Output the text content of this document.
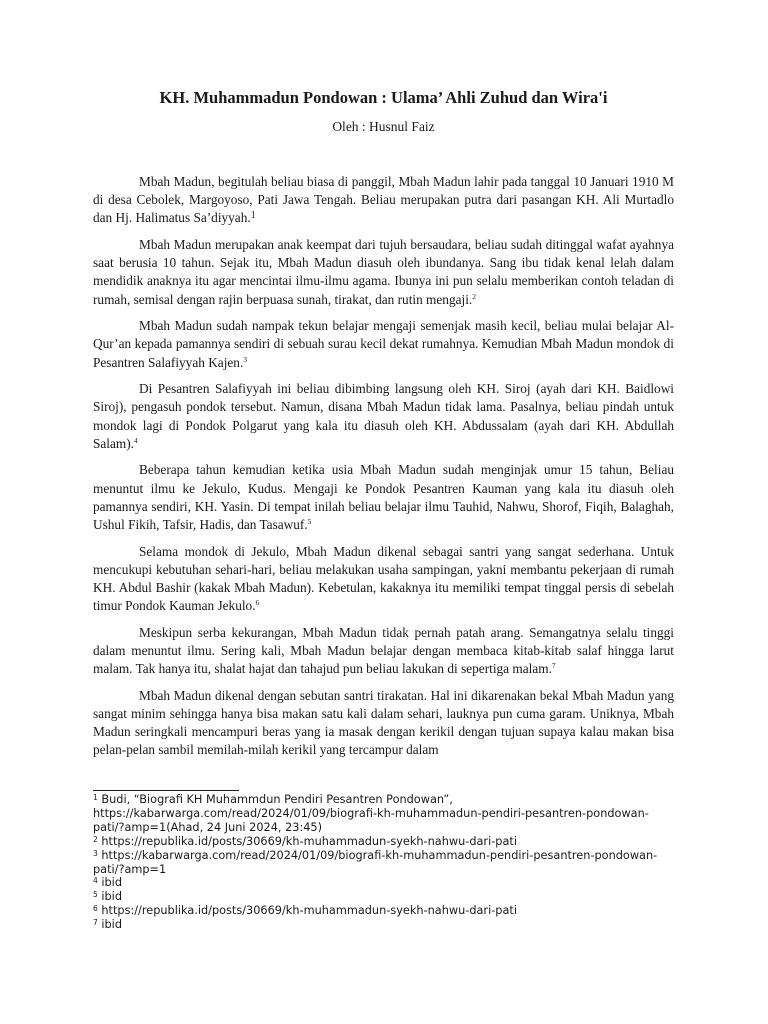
KH. Muhammadun Pondowan : Ulama’ Ahli Zuhud dan Wira'i

Oleh : Husnul Faiz

Mbah Madun, begitulah beliau biasa di panggil, Mbah Madun lahir pada tanggal 10 Januari 1910 M di desa Cebolek, Margoyoso, Pati Jawa Tengah. Beliau merupakan putra dari pasangan KH. Ali Murtadlo dan Hj. Halimatus Sa’diyyah.$^1$

Mbah Madun merupakan anak keempat dari tujuh bersaudara, beliau sudah ditinggal wafat ayahnya saat berusia 10 tahun. Sejak itu, Mbah Madun diasuh oleh ibundanya. Sang ibu tidak kenal lelah dalam mendidik anaknya itu agar mencintai ilmu-ilmu agama. Ibunya ini pun selalu memberikan contoh teladan di rumah, semisal dengan rajin berpuasa sunah, tirakat, dan rutin mengaji.$^2$

Mbah Madun sudah nampak tekun belajar mengaji semenjak masih kecil, beliau mulai belajar Al-Qur’an kepada pamannya sendiri di sebuah surau kecil dekat rumahnya. Kemudian Mbah Madun mondok di Pesantren Salafiyyah Kajen.$^3$

Di Pesantren Salafiyyah ini beliau dibimbing langsung oleh KH. Siroj (ayah dari KH. Baidlowi Siroj), pengasuh pondok tersebut. Namun, disana Mbah Madun tidak lama. Pasalnya, beliau pindah untuk mondok lagi di Pondok Polgarut yang kala itu diasuh oleh KH. Abdussalam (ayah dari KH. Abdullah Salam).$^4$

Beberapa tahun kemudian ketika usia Mbah Madun sudah menginjak umur 15 tahun, Beliau menuntut ilmu ke Jekulo, Kudus. Mengaji ke Pondok Pesantren Kauman yang kala itu diasuh oleh pamannya sendiri, KH. Yasin. Di tempat inilah beliau belajar ilmu Tauhid, Nahwu, Shorof, Fiqih, Balaghah, Ushul Fikih, Tafsir, Hadis, dan Tasawuf.$^5$

Selama mondok di Jekulo, Mbah Madun dikenal sebagai santri yang sangat sederhana. Untuk mencukupi kebutuhan sehari-hari, beliau melakukan usaha sampingan, yakni membantu pekerjaan di rumah KH. Abdul Bashir (kakak Mbah Madun). Kebetulan, kakaknya itu memiliki tempat tinggal persis di sebelah timur Pondok Kauman Jekulo.$^6$

Meskipun serba kekurangan, Mbah Madun tidak pernah patah arang. Semangatnya selalu tinggi dalam menuntut ilmu. Sering kali, Mbah Madun belajar dengan membaca kitab-kitab salaf hingga larut malam. Tak hanya itu, shalat hajat dan tahajud pun beliau lakukan di sepertiga malam.$^7$

Mbah Madun dikenal dengan sebutan santri tirakatan. Hal ini dikarenakan bekal Mbah Madun yang sangat minim sehingga hanya bisa makan satu kali dalam sehari, lauknya pun cuma garam. Uniknya, Mbah Madun seringkali mencampuri beras yang ia masak dengan kerikil dengan tujuan supaya kalau makan bisa pelan-pelan sambil memilah-milah kerikil yang tercampur dalam

$^1$ Budi, “Biografi KH Muhammdun Pendiri Pesantren Pondowan”, https://kabarwarga.com/read/2024/01/09/biografi-kh-muhammadun-pendiri-pesantren-pondowan-pati/?amp=1(Ahad, 24 Juni 2024, 23:45)

$^2$ https://republika.id/posts/30669/kh-muhammadun-syekh-nahwu-dari-pati

$^3$ https://kabarwarga.com/read/2024/01/09/biografi-kh-muhammadun-pendiri-pesantren-pondowan-pati/?amp=1

$^4$ ibid

$^5$ ibid

$^6$ https://republika.id/posts/30669/kh-muhammadun-syekh-nahwu-dari-pati

$^7$ ibid
